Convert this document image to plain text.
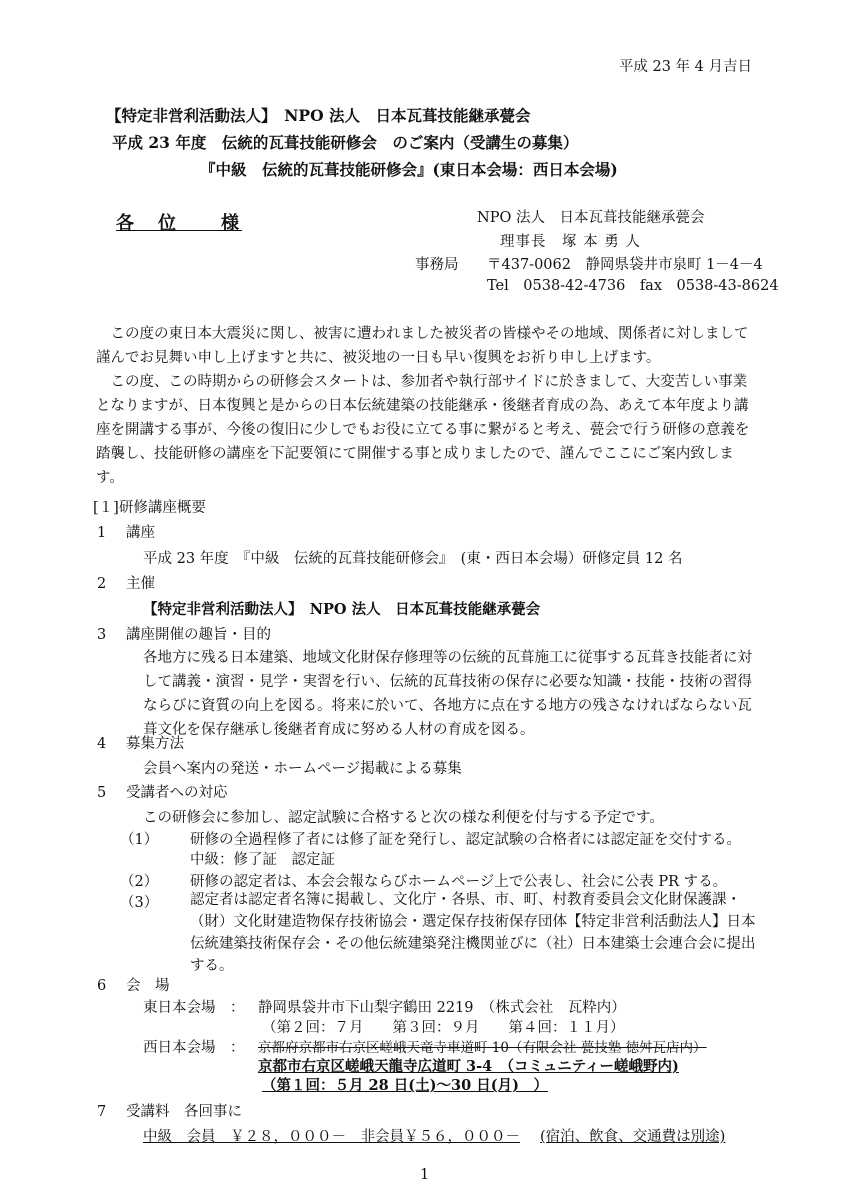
平成 23 年 4 月吉日
【特定非営利活動法人】　NPO 法人　日本瓦葺技能継承甍会
平成 23 年度　伝統的瓦葺技能研修会　のご案内（受講生の募集）
『中級　伝統的瓦葺技能研修会』(東日本会場：西日本会場)
各　位　　様	NPO 法人　日本瓦葺技能継承甍会
理事長　塚 本 勇 人
事務局 〒437-0062　静岡県袋井市泉町 1－4－4
Tel　0538-42-4736　fax　0538-43-8624
この度の東日本大震災に関し、被害に遭われました被災者の皆様やその地域、関係者に対しまして謹んでお見舞い申し上げますと共に、被災地の一日も早い復興をお祈り申し上げます。
この度、この時期からの研修会スタートは、参加者や執行部サイドに於きまして、大変苦しい事業となりますが、日本復興と是からの日本伝統建築の技能継承・後継者育成の為、あえて本年度より講座を開講する事が、今後の復旧に少しでもお役に立てる事に繋がると考え、甍会で行う研修の意義を踏襲し、技能研修の講座を下記要領にて開催する事と成りましたので、謹んでここにご案内致します。
[１]研修講座概要
1 講座
平成 23 年度　『中級　伝統的瓦葺技能研修会』　(東・西日本会場）研修定員 12 名
2 主催
【特定非営利活動法人】　NPO 法人　日本瓦葺技能継承甍会
3 講座開催の趣旨・目的
各地方に残る日本建築、地域文化財保存修理等の伝統的瓦葺施工に従事する瓦葺き技能者に対して講義・演習・見学・実習を行い、伝統的瓦葺技術の保存に必要な知識・技能・技術の習得ならびに資質の向上を図る。将来に於いて、各地方に点在する地方の残さなければならない瓦葺文化を保存継承し後継者育成に努める人材の育成を図る。
4 募集方法
会員へ案内の発送・ホームページ掲載による募集
5 受講者への対応
この研修会に参加し、認定試験に合格すると次の様な利便を付与する予定です。
（1） 研修の全過程修了者には修了証を発行し、認定試験の合格者には認定証を交付する。
中級：修了証　認定証
（2） 研修の認定者は、本会会報ならびホームページ上で公表し、社会に公表 PR する。
（3） 認定者は認定者名簿に掲載し、文化庁・各県、市、町、村教育委員会文化財保護課・（財）文化財建造物保存技術協会・選定保存技術保存団体【特定非営利活動法人】日本伝統建築技術保存会・その他伝統建築発注機関並びに（社）日本建築士会連合会に提出する。
6 会　場
東日本会場　： 静岡県袋井市下山梨字鶴田 2219　（株式会社　瓦粋内）
（第２回：７月　　第３回：９月　　第４回：１１月）
西日本会場　： 京都府京都市右京区嵯峨天竜寺車道町 10（有限会社 甍技塾 徳舛瓦店内）
京都市右京区嵯峨天龍寺広道町 3-4　（コミュニティー嵯峨野内)
（第１回：５月 28 日(土)～30 日(月)　）
7 受講料　各回事に
中級　会員　￥２８，０００－　非会員￥５６，０００－ (宿泊、飲食、交通費は別途)
1
